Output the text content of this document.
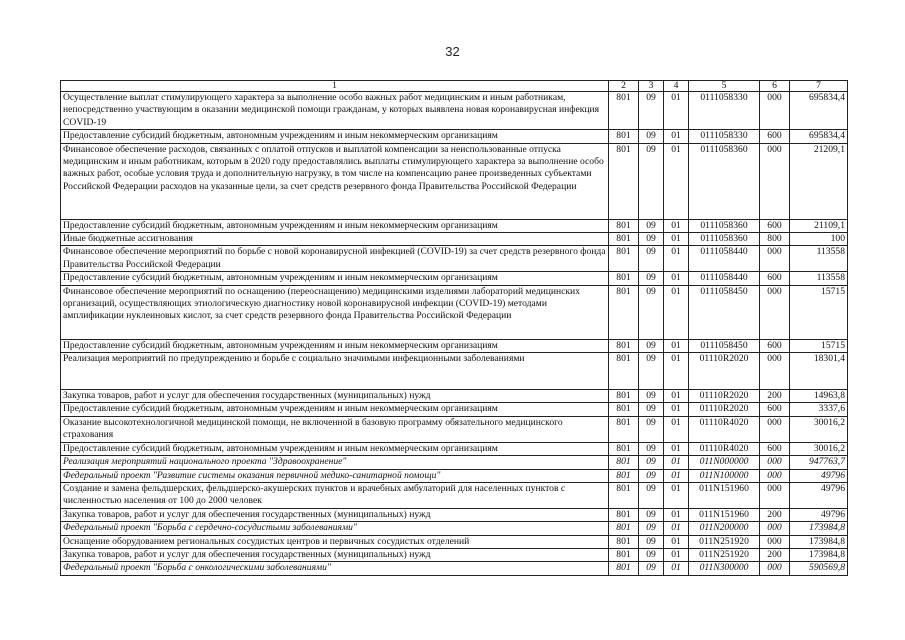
32
1	2	3	4	5	6	7
Осуществление выплат стимулирующего характера за выполнение особо важных работ медицинским и иным работникам, непосредственно участвующим в оказании медицинской помощи гражданам, у которых выявлена новая коронавирусная инфекция COVID-19	801	09	01	0111058330	000	695834,4
Предоставление субсидий бюджетным, автономным учреждениям и иным некоммерческим организациям	801	09	01	0111058330	600	695834,4
Финансовое обеспечение расходов, связанных с оплатой отпусков и выплатой компенсации за неиспользованные отпуска медицинским и иным работникам, которым в 2020 году предоставлялись выплаты стимулирующего характера за выполнение особо важных работ, особые условия труда и дополнительную нагрузку, в том числе на компенсацию ранее произведенных субъектами Российской Федерации расходов на указанные цели, за счет средств резервного фонда Правительства Российской Федерации	801	09	01	0111058360	000	21209,1
Предоставление субсидий бюджетным, автономным учреждениям и иным некоммерческим организациям	801	09	01	0111058360	600	21109,1
Иные бюджетные ассигнования	801	09	01	0111058360	800	100
Финансовое обеспечение мероприятий по борьбе с новой коронавирусной инфекцией (COVID-19) за счет средств резервного фонда Правительства Российской Федерации	801	09	01	0111058440	000	113558
Предоставление субсидий бюджетным, автономным учреждениям и иным некоммерческим организациям	801	09	01	0111058440	600	113558
Финансовое обеспечение мероприятий по оснащению (переоснащению) медицинскими изделиями лабораторий медицинских организаций, осуществляющих этиологическую диагностику новой коронавирусной инфекции (COVID-19) методами амплификации нуклеиновых кислот, за счет средств резервного фонда Правительства Российской Федерации	801	09	01	0111058450	000	15715
Предоставление субсидий бюджетным, автономным учреждениям и иным некоммерческим организациям	801	09	01	0111058450	600	15715
Реализация мероприятий по предупреждению и борьбе с социально значимыми инфекционными заболеваниями	801	09	01	01110R2020	000	18301,4
Закупка товаров, работ и услуг для обеспечения государственных (муниципальных) нужд	801	09	01	01110R2020	200	14963,8
Предоставление субсидий бюджетным, автономным учреждениям и иным некоммерческим организациям	801	09	01	01110R2020	600	3337,6
Оказание высокотехнологичной медицинской помощи, не включенной в базовую программу обязательного медицинского страхования	801	09	01	01110R4020	000	30016,2
Предоставление субсидий бюджетным, автономным учреждениям и иным некоммерческим организациям	801	09	01	01110R4020	600	30016,2
Реализация мероприятий национального проекта "Здравоохранение"	801	09	01	011N000000	000	947763,7
Федеральный проект "Развитие системы оказания первичной медико-санитарной помощи"	801	09	01	011N100000	000	49796
Создание и замена фельдшерских, фельдшерско-акушерских пунктов и врачебных амбулаторий для населенных пунктов с численностью населения от 100 до 2000 человек	801	09	01	011N151960	000	49796
Закупка товаров, работ и услуг для обеспечения государственных (муниципальных) нужд	801	09	01	011N151960	200	49796
Федеральный проект "Борьба с сердечно-сосудистыми заболеваниями"	801	09	01	011N200000	000	173984,8
Оснащение оборудованием региональных сосудистых центров и первичных сосудистых отделений	801	09	01	011N251920	000	173984,8
Закупка товаров, работ и услуг для обеспечения государственных (муниципальных) нужд	801	09	01	011N251920	200	173984,8
Федеральный проект "Борьба с онкологическими заболеваниями"	801	09	01	011N300000	000	590569,8
